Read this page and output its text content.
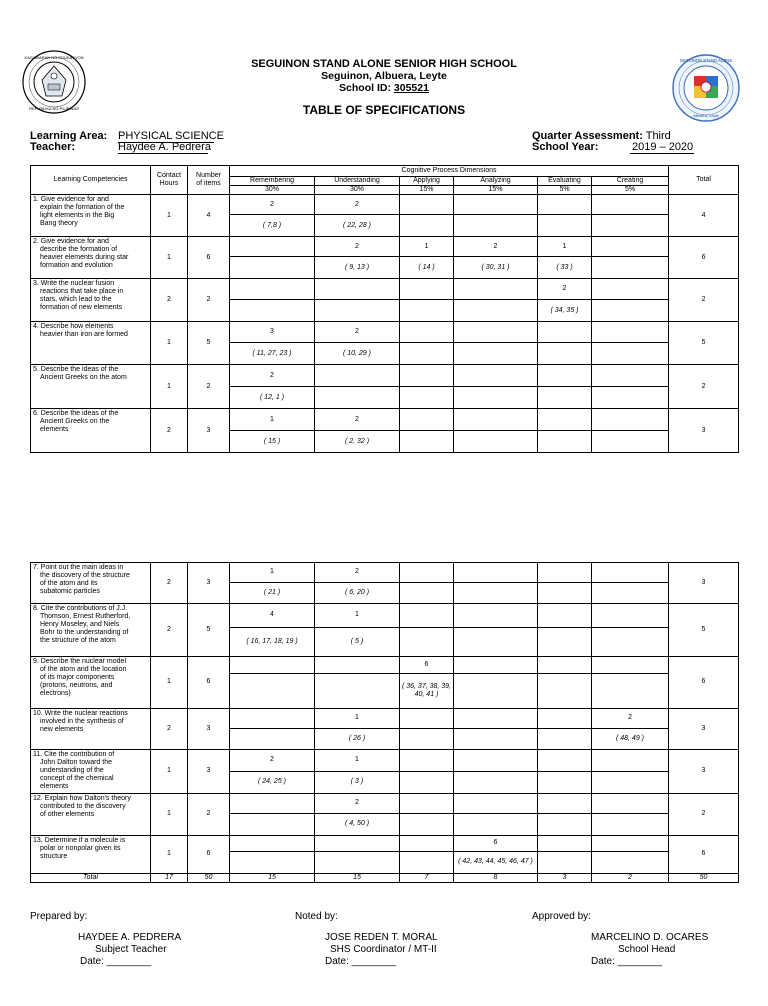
KAGAWARAN NG EDUKASYON
REPUBLIKA NG PILIPINAS
SEGUINON STAND ALONE
Albuera, Leyte
SEGUINON STAND ALONE SENIOR HIGH SCHOOL
Seguinon, Albuera, Leyte
School ID: 305521
TABLE OF SPECIFICATIONS
Learning Area: PHYSICAL SCIENCE
Teacher:	Haydee A. Pedrera
Quarter Assessment: Third
School Year:	2019 – 2020
Learning Competencies	Contact
Hours	Number
of items	Cognitive Process Dimensions						Total
			Remembering	Understanding	Applying	Analyzing	Evaluating	Creating	
			30%	30%	15%	15%	5%	5%	

1. Give evidence for and
explain the formation of the
light elements in the Big
Bang theory	1	4	2	2					4
			( 7,8 )	( 22, 28 )					

2. Give evidence for and
describe the formation of
heavier elements during star
formation and evolution	1	6		2	1	2	1		6
				( 9, 13 )	( 14 )	( 30, 31 )	( 33 )		

3. Write the nuclear fusion
reactions that take place in
stars, which lead to the
formation of new elements	2	2					2		2
							( 34, 35 )		

4. Describe how elements
heavier than iron are formed	1	5	3	2					5
			( 11, 27, 23 )	( 10, 29 )					

5. Describe the ideas of the
Ancient Greeks on the atom	1	2	2						2
			( 12, 1 )						

6. Describe the ideas of the
Ancient Greeks on the
elements	2	3	1	2					3
			( 15 )	( 2, 32 )					
7. Point out the main ideas in
the discovery of the structure
of the atom and its
subatomic particles	2	3	1	2					3
			( 21 )	( 6, 20 )					

8. Cite the contributions of J.J.
Thomson, Ernest Rutherford,
Henry Moseley, and Niels
Bohr to the understanding of
the structure of the atom	2	5	4	1					5
			( 16, 17, 18, 19 )	( 5 )					

9. Describe the nuclear model
of the atom and the location
of its major components
(protons, neutrons, and
electrons)	1	6			6				6
					( 36, 37, 38, 39, 40, 41 )				

10. Write the nuclear reactions
involved in the synthesis of
new elements	2	3		1				2	3
				( 26 )				( 48, 49 )	

11. Cite the contribution of
John Dalton toward the
understanding of the
concept of the chemical
elements	1	3	2	1					3
			( 24, 25 )	( 3 )					

12. Explain how Dalton's theory
contributed to the discovery
of other elements	1	2		2					2
				( 4, 50 )					

13. Determine if a molecule is
polar or nonpolar given its
structure	1	6				6			6
						( 42, 43, 44, 45, 46, 47 )			
Total	17	50	15	15	7	8	3	2	50
Prepared by:
HAYDEE A. PEDRERA
Subject Teacher
Date: ________
Noted by:
JOSE REDEN T. MORAL
SHS Coordinator / MT-II
Date: ________
Approved by:
MARCELINO D. OCARES
School Head
Date: ________
